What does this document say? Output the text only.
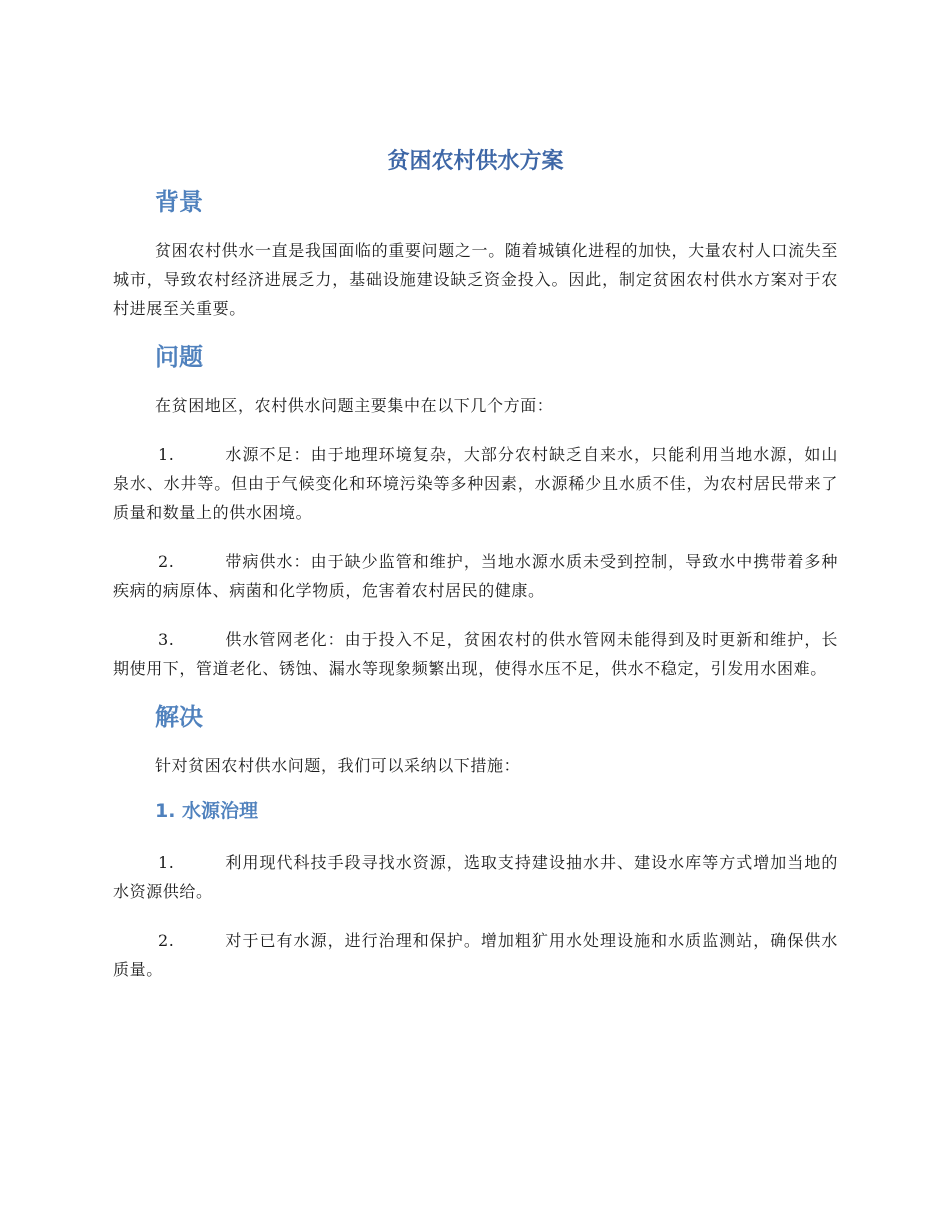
贫困农村供水方案
背景

贫困农村供水一直是我国面临的重要问题之一。随着城镇化进程的加快，大量农村人口流失至城市，导致农村经济进展乏力，基础设施建设缺乏资金投入。因此，制定贫困农村供水方案对于农村进展至关重要。

问题

在贫困地区，农村供水问题主要集中在以下几个方面：

1.	水源不足：由于地理环境复杂，大部分农村缺乏自来水，只能利用当地水源，如山泉水、水井等。但由于气候变化和环境污染等多种因素，水源稀少且水质不佳，为农村居民带来了质量和数量上的供水困境。

2.	带病供水：由于缺少监管和维护，当地水源水质未受到控制，导致水中携带着多种疾病的病原体、病菌和化学物质，危害着农村居民的健康。

3.	供水管网老化：由于投入不足，贫困农村的供水管网未能得到及时更新和维护，长期使用下，管道老化、锈蚀、漏水等现象频繁出现，使得水压不足，供水不稳定，引发用水困难。

解决

针对贫困农村供水问题，我们可以采纳以下措施：

1. 水源治理

1.	利用现代科技手段寻找水资源，选取支持建设抽水井、建设水库等方式增加当地的水资源供给。

2.	对于已有水源，进行治理和保护。增加粗犷用水处理设施和水质监测站，确保供水质量。
